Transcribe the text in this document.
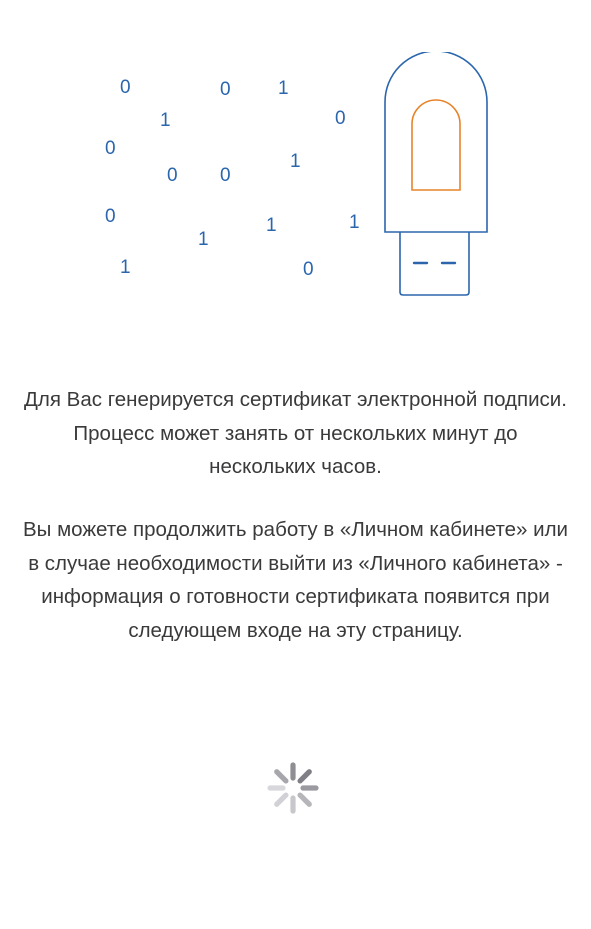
0	0 1
1	0
0
0 0
1
0
1
1	1
1	0

Для Вас генерируется сертификат электронной подписи. Процесс может занять от нескольких минут до нескольких часов.

Вы можете продолжить работу в «Личном кабинете» или в случае необходимости выйти из «Личного кабинета» - информация о готовности сертификата появится при следующем входе на эту страницу.
